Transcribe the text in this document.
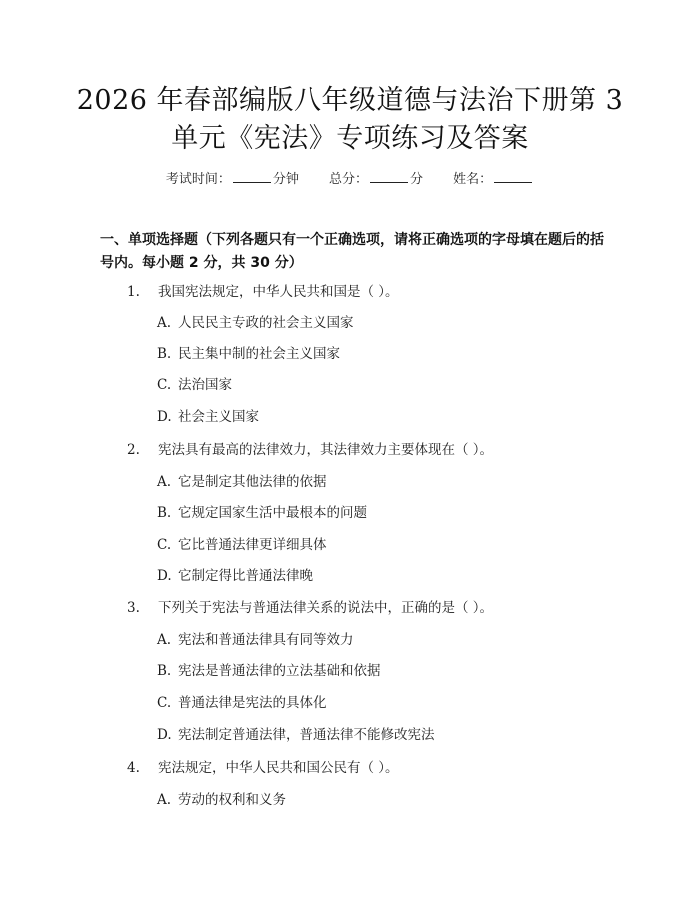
2026 年春部编版八年级道德与法治下册第 3
单元《宪法》专项练习及答案
考试时间：	分钟 总分：	分 姓名：
一、单项选择题（下列各题只有一个正确选项，请将正确选项的字母填在题后的括号内。每小题 2 分，共 30 分）
1. 我国宪法规定，中华人民共和国是（ ）。
A. 人民民主专政的社会主义国家
B. 民主集中制的社会主义国家
C. 法治国家
D. 社会主义国家
2. 宪法具有最高的法律效力，其法律效力主要体现在（ ）。
A. 它是制定其他法律的依据
B. 它规定国家生活中最根本的问题
C. 它比普通法律更详细具体
D. 它制定得比普通法律晚
3. 下列关于宪法与普通法律关系的说法中，正确的是（ ）。
A. 宪法和普通法律具有同等效力
B. 宪法是普通法律的立法基础和依据
C. 普通法律是宪法的具体化
D. 宪法制定普通法律，普通法律不能修改宪法
4. 宪法规定，中华人民共和国公民有（ ）。
A. 劳动的权利和义务
